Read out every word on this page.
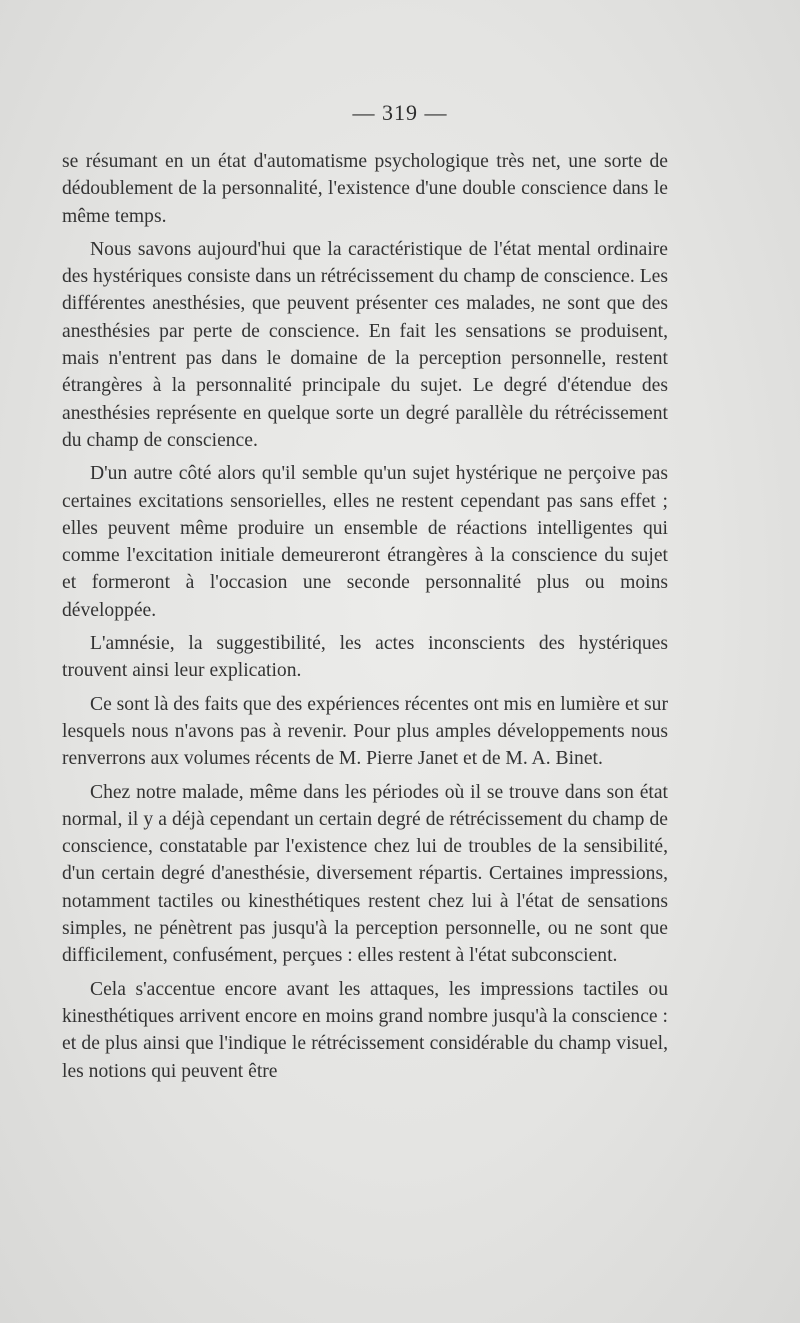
— 319 —

se résumant en un état d'automatisme psychologique très net, une sorte de dédoublement de la personnalité, l'existence d'une double conscience dans le même temps.

Nous savons aujourd'hui que la caractéristique de l'état mental ordinaire des hystériques consiste dans un rétrécissement du champ de conscience. Les différentes anesthésies, que peuvent présenter ces malades, ne sont que des anesthésies par perte de conscience. En fait les sensations se produisent, mais n'entrent pas dans le domaine de la perception personnelle, restent étrangères à la personnalité principale du sujet. Le degré d'étendue des anesthésies représente en quelque sorte un degré parallèle du rétrécissement du champ de conscience.

D'un autre côté alors qu'il semble qu'un sujet hystérique ne perçoive pas certaines excitations sensorielles, elles ne restent cependant pas sans effet ; elles peuvent même produire un ensemble de réactions intelligentes qui comme l'excitation initiale demeureront étrangères à la conscience du sujet et formeront à l'occasion une seconde personnalité plus ou moins développée.

L'amnésie, la suggestibilité, les actes inconscients des hystériques trouvent ainsi leur explication.

Ce sont là des faits que des expériences récentes ont mis en lumière et sur lesquels nous n'avons pas à revenir. Pour plus amples développements nous renverrons aux volumes récents de M. Pierre Janet et de M. A. Binet.

Chez notre malade, même dans les périodes où il se trouve dans son état normal, il y a déjà cependant un certain degré de rétrécissement du champ de conscience, constatable par l'existence chez lui de troubles de la sensibilité, d'un certain degré d'anesthésie, diversement répartis. Certaines impressions, notamment tactiles ou kinesthétiques restent chez lui à l'état de sensations simples, ne pénètrent pas jusqu'à la perception personnelle, ou ne sont que difficilement, confusément, perçues : elles restent à l'état subconscient.

Cela s'accentue encore avant les attaques, les impressions tactiles ou kinesthétiques arrivent encore en moins grand nombre jusqu'à la conscience : et de plus ainsi que l'indique le rétrécissement considérable du champ visuel, les notions qui peuvent être
